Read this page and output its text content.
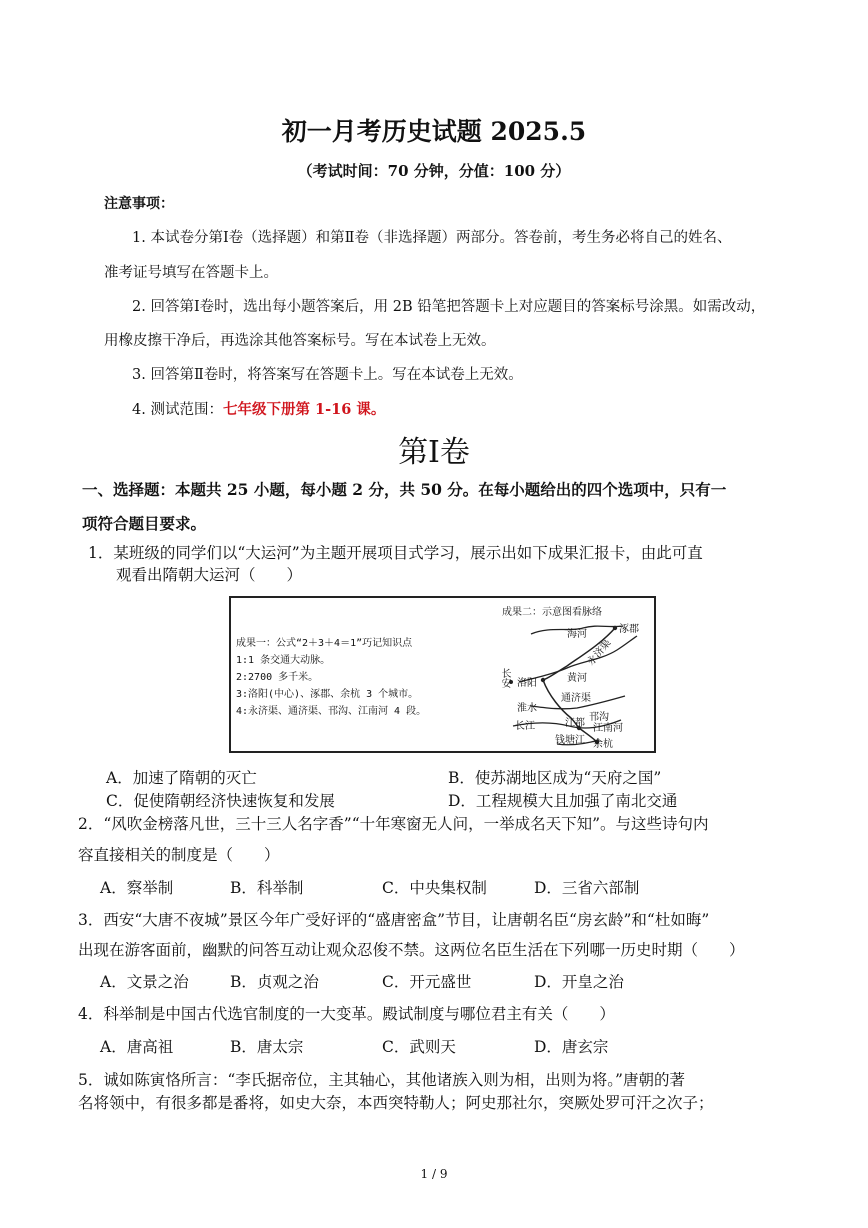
初一月考历史试题 2025.5
（考试时间：70 分钟，分值：100 分）
注意事项：
1. 本试卷分第Ⅰ卷（选择题）和第Ⅱ卷（非选择题）两部分。答卷前，考生务必将自己的姓名、
准考证号填写在答题卡上。
2. 回答第Ⅰ卷时，选出每小题答案后，用 2B 铅笔把答题卡上对应题目的答案标号涂黑。如需改动，
用橡皮擦干净后，再选涂其他答案标号。写在本试卷上无效。
3. 回答第Ⅱ卷时，将答案写在答题卡上。写在本试卷上无效。
4. 测试范围：七年级下册第 1-16 课。
第Ⅰ卷
一、选择题：本题共 25 小题，每小题 2 分，共 50 分。在每小题给出的四个选项中，只有一
项符合题目要求。
1．某班级的同学们以“大运河”为主题开展项目式学习，展示出如下成果汇报卡，由此可直
观看出隋朝大运河（　　）
成果一：公式“2＋3＋4＝1”巧记知识点
1:1 条交通大动脉。
2:2700 多千米。
3:洛阳(中心)、涿郡、余杭 3 个城市。
4:永济渠、通济渠、邗沟、江南河 4 段。
成果二：示意图看脉络
海河	涿郡
永济渠
长安 洛阳	黄河
通济渠
淮水
长江	江都
邗沟
江南河
钱塘江 余杭
A．加速了隋朝的灭亡	B．使苏湖地区成为“天府之国”
C．促使隋朝经济快速恢复和发展	D．工程规模大且加强了南北交通
2．“风吹金榜落凡世，三十三人名字香”“十年寒窗无人问，一举成名天下知”。与这些诗句内
容直接相关的制度是（　　）
A．察举制	B．科举制	C．中央集权制	D．三省六部制
3．西安“大唐不夜城”景区今年广受好评的“盛唐密盒”节目，让唐朝名臣“房玄龄”和“杜如晦”
出现在游客面前，幽默的问答互动让观众忍俊不禁。这两位名臣生活在下列哪一历史时期（　　）
A．文景之治	B．贞观之治	C．开元盛世	D．开皇之治
4．科举制是中国古代选官制度的一大变革。殿试制度与哪位君主有关（　　）
A．唐高祖	B．唐太宗	C．武则天	D．唐玄宗
5．诚如陈寅恪所言：“李氏据帝位，主其轴心，其他诸族入则为相，出则为将。”唐朝的著
名将领中，有很多都是番将，如史大奈，本西突特勒人；阿史那社尔，突厥处罗可汗之次子；
1 / 9
